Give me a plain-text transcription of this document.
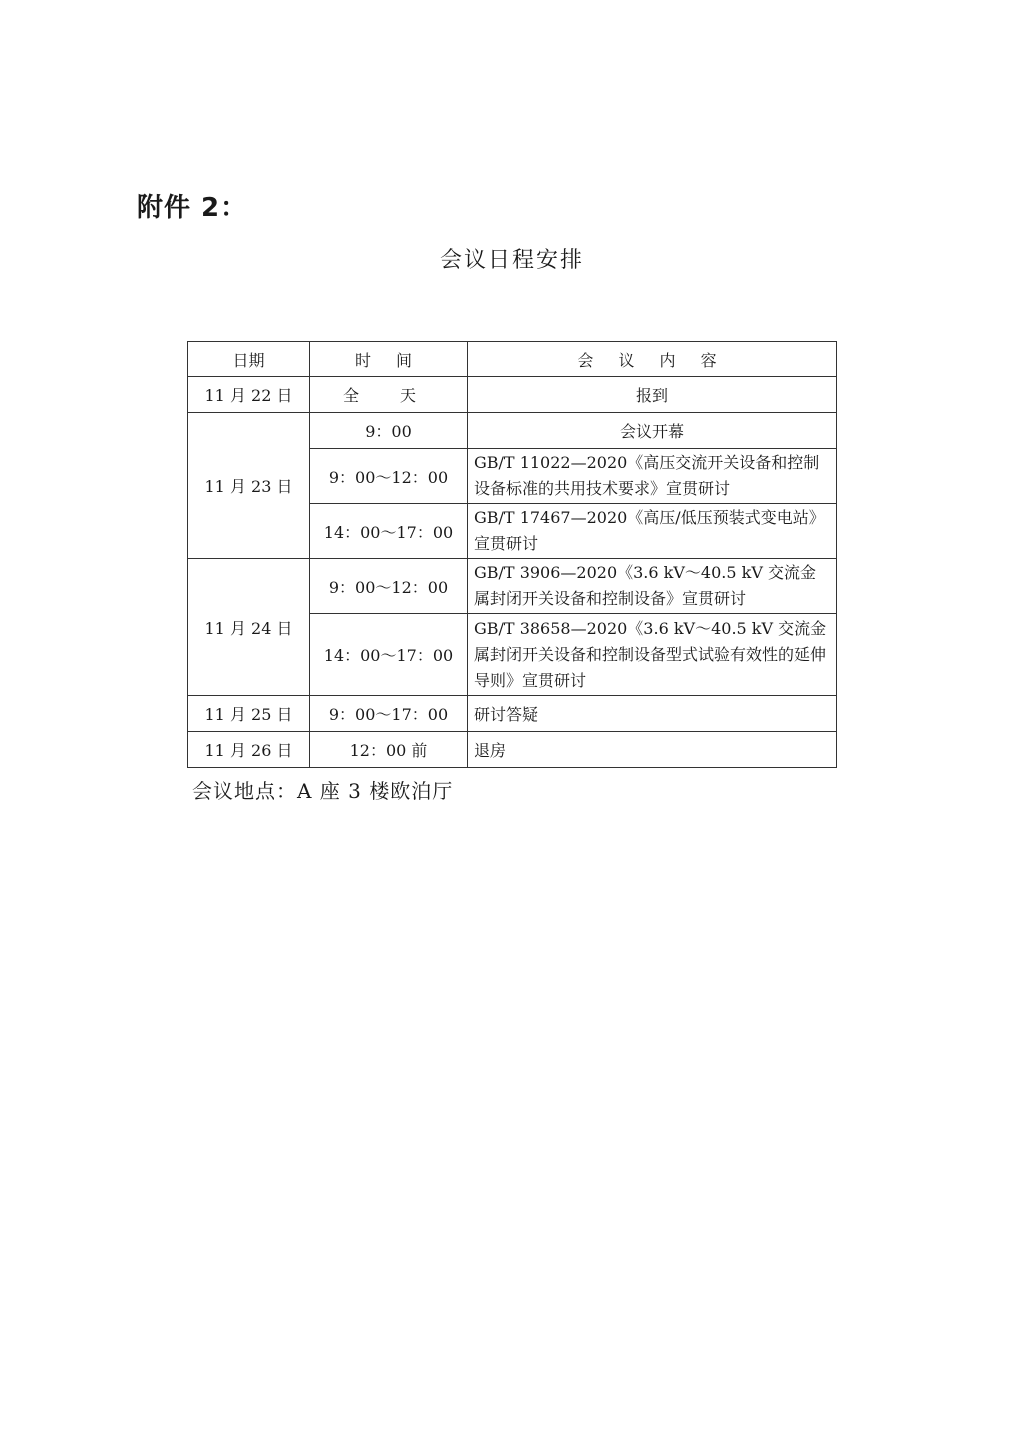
附件 2：
会议日程安排
日期	时 间	会 议 内 容
11 月 22 日	全 天	报到
11 月 23 日	9：00	会议开幕
	9：00～12：00	GB/T 11022—2020《高压交流开关设备和控制设备标准的共用技术要求》宣贯研讨
	14：00～17：00	GB/T 17467—2020《高压/低压预装式变电站》宣贯研讨
11 月 24 日	9：00～12：00	GB/T 3906—2020《3.6 kV～40.5 kV 交流金属封闭开关设备和控制设备》宣贯研讨
	14：00～17：00	GB/T 38658—2020《3.6 kV～40.5 kV 交流金属封闭开关设备和控制设备型式试验有效性的延伸导则》宣贯研讨
11 月 25 日	9：00～17：00	研讨答疑
11 月 26 日	12：00 前	退房
会议地点：A 座 3 楼欧泊厅
